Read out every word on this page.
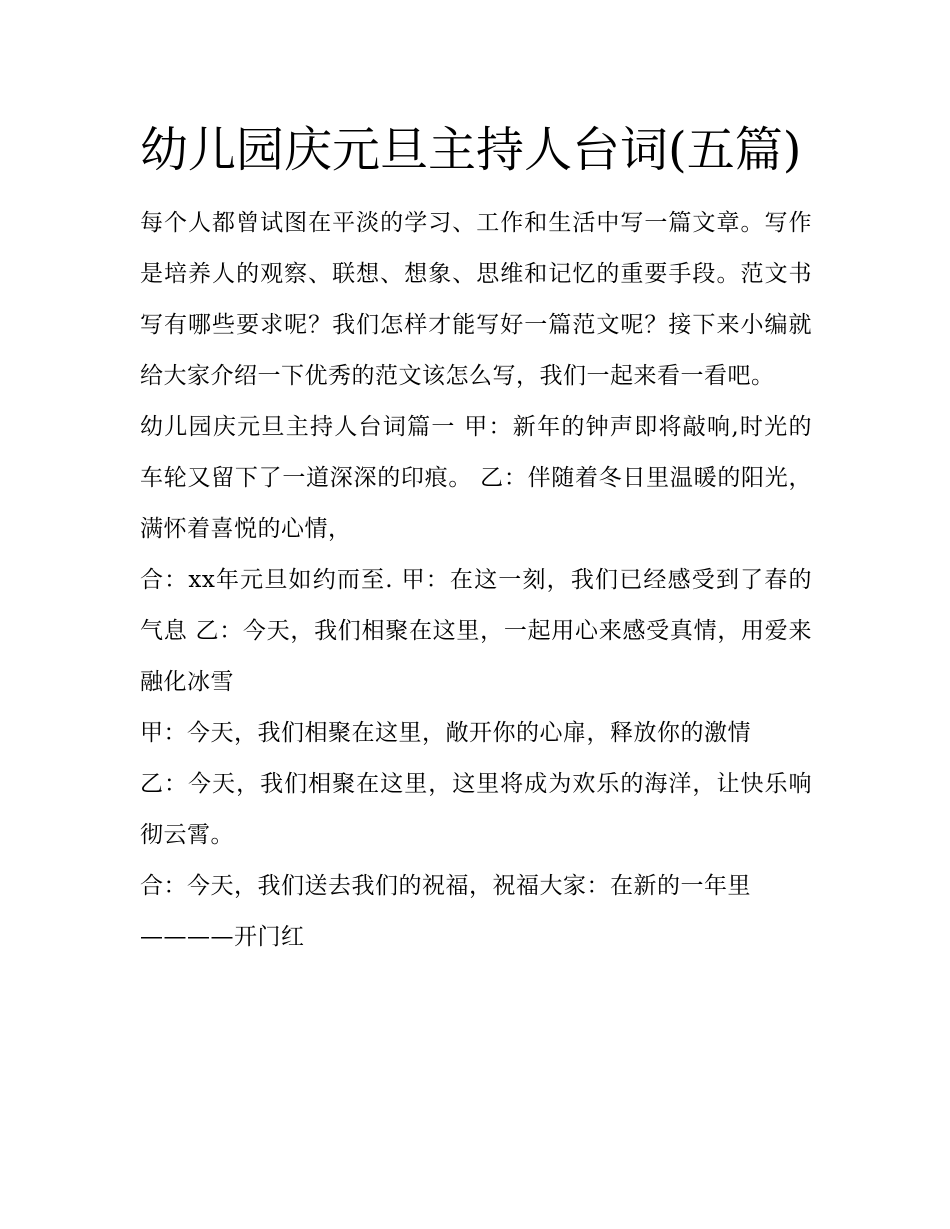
幼儿园庆元旦主持人台词(五篇)

每个人都曾试图在平淡的学习、工作和生活中写一篇文章。写作是培养人的观察、联想、想象、思维和记忆的重要手段。范文书写有哪些要求呢？我们怎样才能写好一篇范文呢？接下来小编就给大家介绍一下优秀的范文该怎么写，我们一起来看一看吧。

幼儿园庆元旦主持人台词篇一 甲：新年的钟声即将敲响,时光的车轮又留下了一道深深的印痕。 乙：伴随着冬日里温暖的阳光，满怀着喜悦的心情，

合：xx年元旦如约而至. 甲：在这一刻，我们已经感受到了春的气息 乙：今天，我们相聚在这里，一起用心来感受真情，用爱来融化冰雪

甲：今天，我们相聚在这里，敞开你的心扉，释放你的激情

乙：今天，我们相聚在这里，这里将成为欢乐的海洋，让快乐响彻云霄。

合：今天，我们送去我们的祝福，祝福大家：在新的一年里

————开门红
